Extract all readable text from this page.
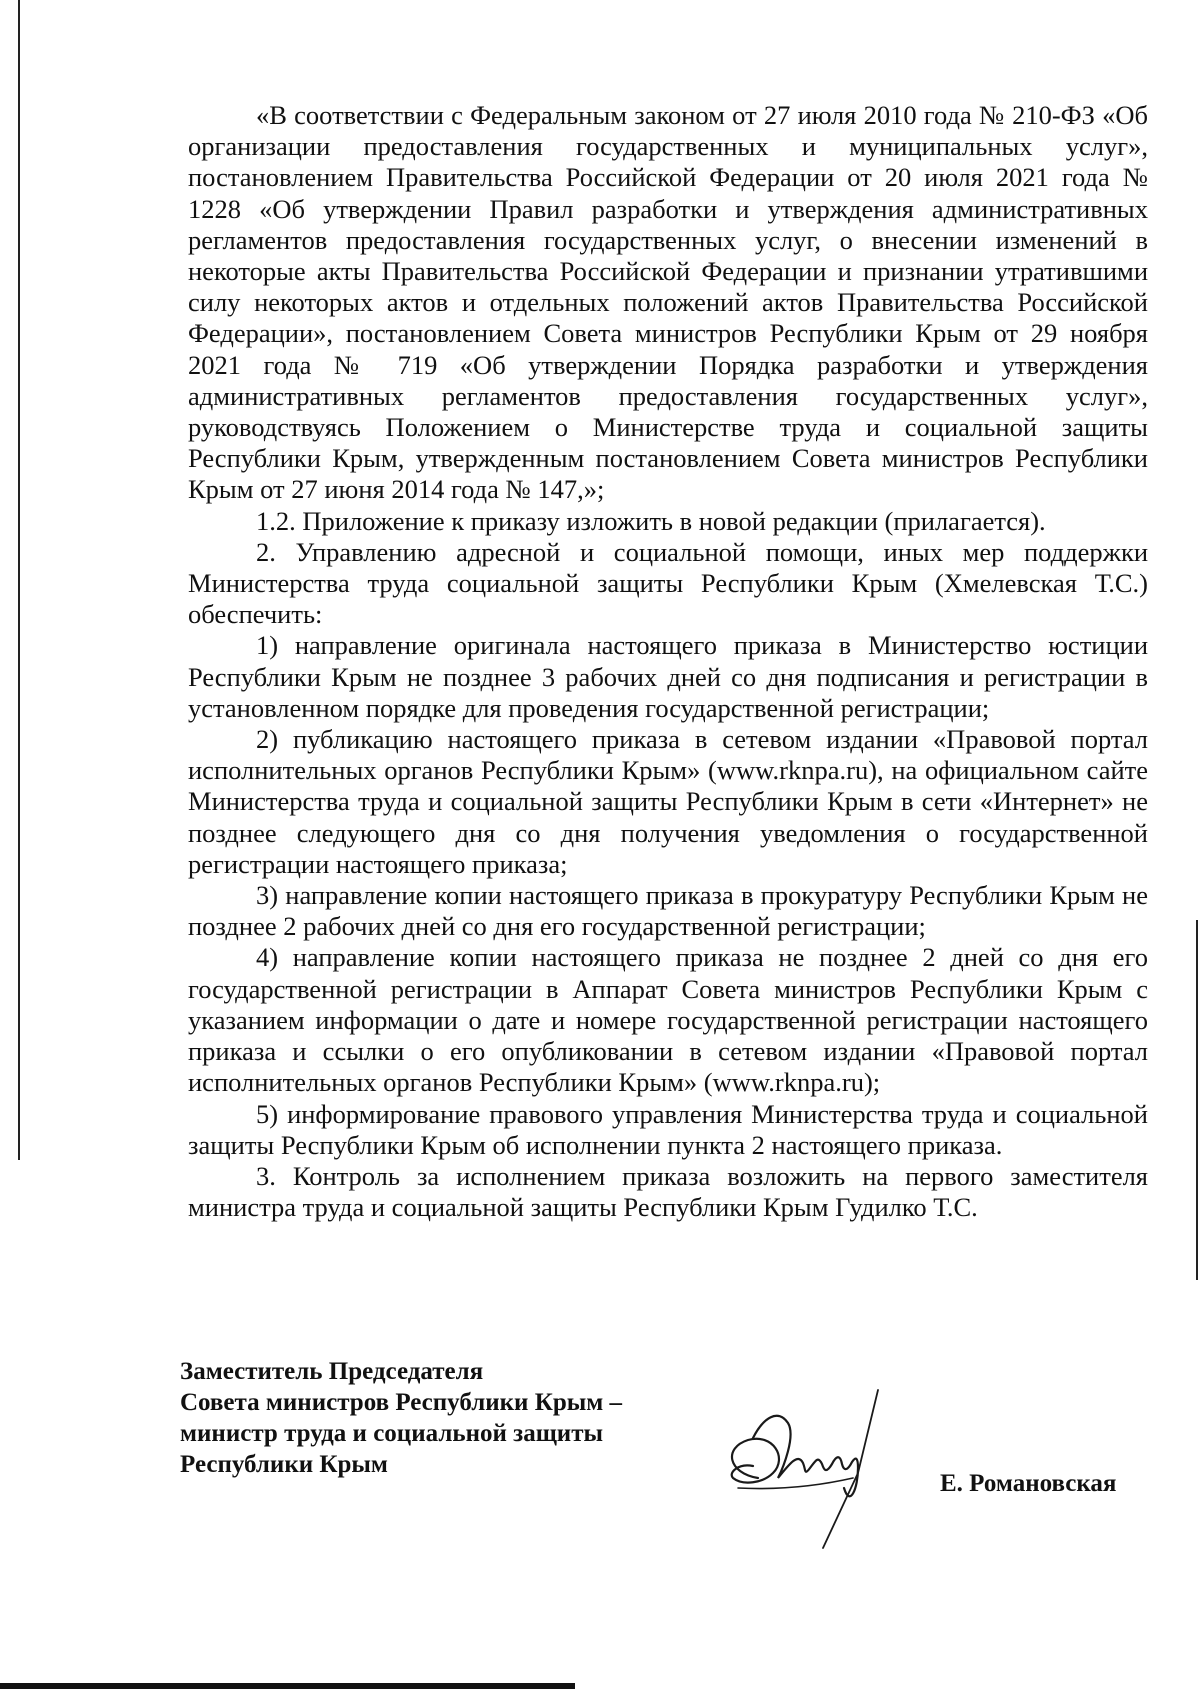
«В соответствии с Федеральным законом от 27 июля 2010 года № 210-ФЗ «Об организации предоставления государственных и муниципальных услуг», постановлением Правительства Российской Федерации от 20 июля 2021 года № 1228 «Об утверждении Правил разработки и утверждения административных регламентов предоставления государственных услуг, о внесении изменений в некоторые акты Правительства Российской Федерации и признании утратившими силу некоторых актов и отдельных положений актов Правительства Российской Федерации», постановлением Совета министров Республики Крым от 29 ноября 2021 года № 719 «Об утверждении Порядка разработки и утверждения административных регламентов предоставления государственных услуг», руководствуясь Положением о Министерстве труда и социальной защиты Республики Крым, утвержденным постановлением Совета министров Республики Крым от 27 июня 2014 года № 147,»;

1.2. Приложение к приказу изложить в новой редакции (прилагается).

2. Управлению адресной и социальной помощи, иных мер поддержки Министерства труда социальной защиты Республики Крым (Хмелевская Т.С.) обеспечить:

1) направление оригинала настоящего приказа в Министерство юстиции Республики Крым не позднее 3 рабочих дней со дня подписания и регистрации в установленном порядке для проведения государственной регистрации;

2) публикацию настоящего приказа в сетевом издании «Правовой портал исполнительных органов Республики Крым» (www.rknpa.ru), на официальном сайте Министерства труда и социальной защиты Республики Крым в сети «Интернет» не позднее следующего дня со дня получения уведомления о государственной регистрации настоящего приказа;

3) направление копии настоящего приказа в прокуратуру Республики Крым не позднее 2 рабочих дней со дня его государственной регистрации;

4) направление копии настоящего приказа не позднее 2 дней со дня его государственной регистрации в Аппарат Совета министров Республики Крым с указанием информации о дате и номере государственной регистрации настоящего приказа и ссылки о его опубликовании в сетевом издании «Правовой портал исполнительных органов Республики Крым» (www.rknpa.ru);

5) информирование правового управления Министерства труда и социальной защиты Республики Крым об исполнении пункта 2 настоящего приказа.

3. Контроль за исполнением приказа возложить на первого заместителя министра труда и социальной защиты Республики Крым Гудилко Т.С.

Заместитель Председателя
Совета министров Республики Крым –
министр труда и социальной защиты
Республики Крым
Е. Романовская
